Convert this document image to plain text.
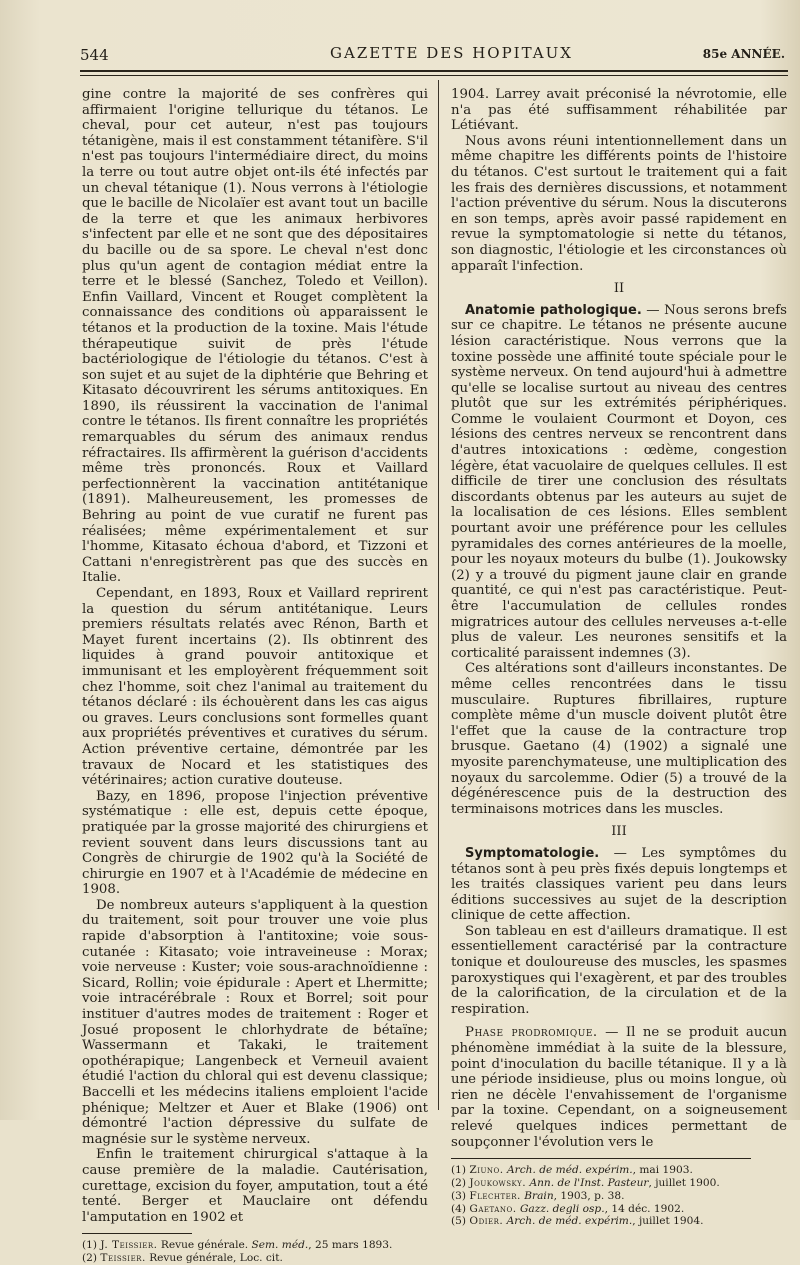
544	GAZETTE DES HOPITAUX	85e ANNÉE.

gine contre la majorité de ses confrères qui affirmaient l'origine tellurique du tétanos. Le cheval, pour cet auteur, n'est pas toujours tétanigène, mais il est constamment tétanifère. S'il n'est pas toujours l'intermédiaire direct, du moins la terre ou tout autre objet ont-ils été infectés par un cheval tétanique (1). Nous verrons à l'étiologie que le bacille de Nicolaïer est avant tout un bacille de la terre et que les animaux herbivores s'infectent par elle et ne sont que des dépositaires du bacille ou de sa spore. Le cheval n'est donc plus qu'un agent de contagion médiat entre la terre et le blessé (Sanchez, Toledo et Veillon). Enfin Vaillard, Vincent et Rouget complètent la connaissance des conditions où apparaissent le tétanos et la production de la toxine. Mais l'étude thérapeutique suivit de près l'étude bactériologique de l'étiologie du tétanos. C'est à son sujet et au sujet de la diphtérie que Behring et Kitasato découvrirent les sérums antitoxiques. En 1890, ils réussirent la vaccination de l'animal contre le tétanos. Ils firent connaître les propriétés remarquables du sérum des animaux rendus réfractaires. Ils affirmèrent la guérison d'accidents même très prononcés. Roux et Vaillard perfectionnèrent la vaccination antitétanique (1891). Malheureusement, les promesses de Behring au point de vue curatif ne furent pas réalisées; même expérimentalement et sur l'homme, Kitasato échoua d'abord, et Tizzoni et Cattani n'enregistrèrent pas que des succès en Italie.

Cependant, en 1893, Roux et Vaillard reprirent la question du sérum antitétanique. Leurs premiers résultats relatés avec Rénon, Barth et Mayet furent incertains (2). Ils obtinrent des liquides à grand pouvoir antitoxique et immunisant et les employèrent fréquemment soit chez l'homme, soit chez l'animal au traitement du tétanos déclaré : ils échouèrent dans les cas aigus ou graves. Leurs conclusions sont formelles quant aux propriétés préventives et curatives du sérum. Action préventive certaine, démontrée par les travaux de Nocard et les statistiques des vétérinaires; action curative douteuse.

Bazy, en 1896, propose l'injection préventive systématique : elle est, depuis cette époque, pratiquée par la grosse majorité des chirurgiens et revient souvent dans leurs discussions tant au Congrès de chirurgie de 1902 qu'à la Société de chirurgie en 1907 et à l'Académie de médecine en 1908.

De nombreux auteurs s'appliquent à la question du traitement, soit pour trouver une voie plus rapide d'absorption à l'antitoxine; voie sous-cutanée : Kitasato; voie intraveineuse : Morax; voie nerveuse : Kuster; voie sous-arachnoïdienne : Sicard, Rollin; voie épidurale : Apert et Lhermitte; voie intracérébrale : Roux et Borrel; soit pour instituer d'autres modes de traitement : Roger et Josué proposent le chlorhydrate de bétaïne; Wassermann et Takaki, le traitement opothérapique; Langenbeck et Verneuil avaient étudié l'action du chloral qui est devenu classique; Baccelli et les médecins italiens emploient l'acide phénique; Meltzer et Auer et Blake (1906) ont démontré l'action dépressive du sulfate de magnésie sur le système nerveux.

Enfin le traitement chirurgical s'attaque à la cause première de la maladie. Cautérisation, curettage, excision du foyer, amputation, tout a été tenté. Berger et Mauclaire ont défendu l'amputation en 1902 et

(1) J. Teissier. Revue générale. Sem. méd., 25 mars 1893.
(2) Teissier. Revue générale, Loc. cit.

1904. Larrey avait préconisé la névrotomie, elle n'a pas été suffisamment réhabilitée par Létiévant.

Nous avons réuni intentionnellement dans un même chapitre les différents points de l'histoire du tétanos. C'est surtout le traitement qui a fait les frais des dernières discussions, et notamment l'action préventive du sérum. Nous la discuterons en son temps, après avoir passé rapidement en revue la symptomatologie si nette du tétanos, son diagnostic, l'étiologie et les circonstances où apparaît l'infection.

II

Anatomie pathologique. — Nous serons brefs sur ce chapitre. Le tétanos ne présente aucune lésion caractéristique. Nous verrons que la toxine possède une affinité toute spéciale pour le système nerveux. On tend aujourd'hui à admettre qu'elle se localise surtout au niveau des centres plutôt que sur les extrémités périphériques. Comme le voulaient Courmont et Doyon, ces lésions des centres nerveux se rencontrent dans d'autres intoxications : œdème, congestion légère, état vacuolaire de quelques cellules. Il est difficile de tirer une conclusion des résultats discordants obtenus par les auteurs au sujet de la localisation de ces lésions. Elles semblent pourtant avoir une préférence pour les cellules pyramidales des cornes antérieures de la moelle, pour les noyaux moteurs du bulbe (1). Joukowsky (2) y a trouvé du pigment jaune clair en grande quantité, ce qui n'est pas caractéristique. Peut-être l'accumulation de cellules rondes migratrices autour des cellules nerveuses a-t-elle plus de valeur. Les neurones sensitifs et la corticalité paraissent indemnes (3).

Ces altérations sont d'ailleurs inconstantes. De même celles rencontrées dans le tissu musculaire. Ruptures fibrillaires, rupture complète même d'un muscle doivent plutôt être l'effet que la cause de la contracture trop brusque. Gaetano (4) (1902) a signalé une myosite parenchymateuse, une multiplication des noyaux du sarcolemme. Odier (5) a trouvé de la dégénérescence puis de la destruction des terminaisons motrices dans les muscles.

III

Symptomatologie. — Les symptômes du tétanos sont à peu près fixés depuis longtemps et les traités classiques varient peu dans leurs éditions successives au sujet de la description clinique de cette affection.

Son tableau en est d'ailleurs dramatique. Il est essentiellement caractérisé par la contracture tonique et douloureuse des muscles, les spasmes paroxystiques qui l'exagèrent, et par des troubles de la calorification, de la circulation et de la respiration.

Phase prodromique. — Il ne se produit aucun phénomène immédiat à la suite de la blessure, point d'inoculation du bacille tétanique. Il y a là une période insidieuse, plus ou moins longue, où rien ne décèle l'envahissement de l'organisme par la toxine. Cependant, on a soigneusement relevé quelques indices permettant de soupçonner l'évolution vers le

(1) Ziuno. Arch. de méd. expérim., mai 1903.
(2) Joukowsky. Ann. de l'Inst. Pasteur, juillet 1900.
(3) Flechter. Brain, 1903, p. 38.
(4) Gaetano. Gazz. degli osp., 14 déc. 1902.
(5) Odier. Arch. de méd. expérim., juillet 1904.
